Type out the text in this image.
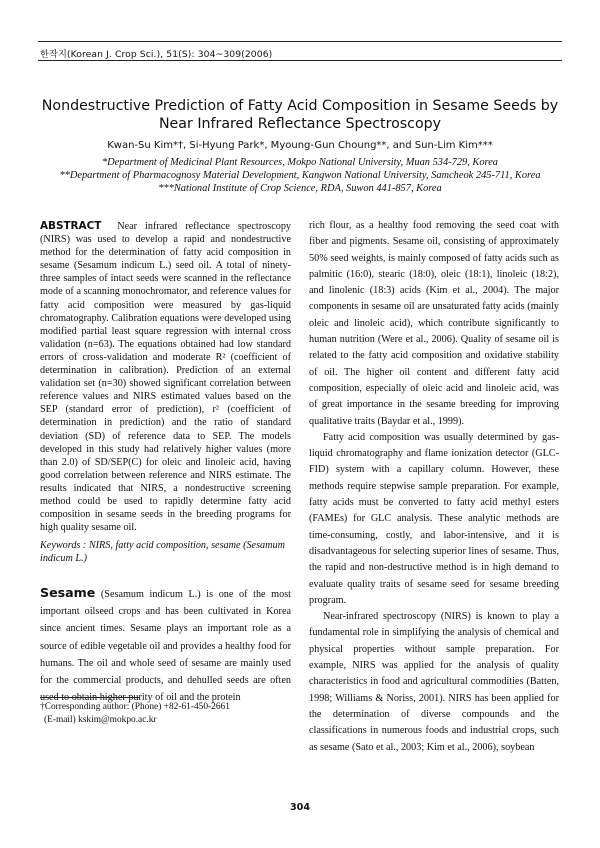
한작지(Korean J. Crop Sci.), 51(S): 304~309(2006)
Nondestructive Prediction of Fatty Acid Composition in Sesame Seeds by Near Infrared Reflectance Spectroscopy
Kwan-Su Kim*†, Si-Hyung Park*, Myoung-Gun Choung**, and Sun-Lim Kim***
*Department of Medicinal Plant Resources, Mokpo National University, Muan 534-729, Korea
**Department of Pharmacognosy Material Development, Kangwon National University, Samcheok 245-711, Korea
***National Institute of Crop Science, RDA, Suwon 441-857, Korea

ABSTRACT Near infrared reflectance spectroscopy (NIRS) was used to develop a rapid and nondestructive method for the determination of fatty acid composition in sesame (Sesamum indicum L.) seed oil. A total of ninety-three samples of intact seeds were scanned in the reflectance mode of a scanning monochromator, and reference values for fatty acid composition were measured by gas-liquid chromatography. Calibration equations were developed using modified partial least square regression with internal cross validation (n=63). The equations obtained had low standard errors of cross-validation and moderate R² (coefficient of determination in calibration). Prediction of an external validation set (n=30) showed significant correlation between reference values and NIRS estimated values based on the SEP (standard error of prediction), r² (coefficient of determination in prediction) and the ratio of standard deviation (SD) of reference data to SEP. The models developed in this study had relatively higher values (more than 2.0) of SD/SEP(C) for oleic and linoleic acid, having good correlation between reference and NIRS estimate. The results indicated that NIRS, a nondestructive screening method could be used to rapidly determine fatty acid composition in sesame seeds in the breeding programs for high quality sesame oil.

Keywords : NIRS, fatty acid composition, sesame (Sesamum indicum L.)
Sesame (Sesamum indicum L.) is one of the most important oilseed crops and has been cultivated in Korea since ancient times. Sesame plays an important role as a source of edible vegetable oil and provides a healthy food for humans. The oil and whole seed of sesame are mainly used for the commercial products, and dehulled seeds are often used to obtain higher purity of oil and the protein
†Corresponding author: (Phone) +82-61-450-2661
(E-mail) kskim@mokpo.ac.kr

rich flour, as a healthy food removing the seed coat with fiber and pigments. Sesame oil, consisting of approximately 50% seed weights, is mainly composed of fatty acids such as palmitic (16:0), stearic (18:0), oleic (18:1), linoleic (18:2), and linolenic (18:3) acids (Kim et al., 2004). The major components in sesame oil are unsaturated fatty acids (mainly oleic and linoleic acid), which contribute significantly to human nutrition (Were et al., 2006). Quality of sesame oil is related to the fatty acid composition and oxidative stability of oil. The higher oil content and different fatty acid composition, especially of oleic acid and linoleic acid, was of great importance in the sesame breeding for improving qualitative traits (Baydar et al., 1999).

Fatty acid composition was usually determined by gas-liquid chromatography and flame ionization detector (GLC-FID) system with a capillary column. However, these methods require stepwise sample preparation. For example, fatty acids must be converted to fatty acid methyl esters (FAMEs) for GLC analysis. These analytic methods are time-consuming, costly, and labor-intensive, and it is disadvantageous for selecting superior lines of sesame. Thus, the rapid and non-destructive method is in high demand to evaluate quality traits of sesame seed for sesame breeding program.

Near-infrared spectroscopy (NIRS) is known to play a fundamental role in simplifying the analysis of chemical and physical properties without sample preparation. For example, NIRS was applied for the analysis of quality characteristics in food and agricultural commodities (Batten, 1998; Williams & Noriss, 2001). NIRS has been applied for the determination of diverse compounds and the classifications in numerous foods and industrial crops, such as sesame (Sato et al., 2003; Kim et al., 2006), soybean

304
